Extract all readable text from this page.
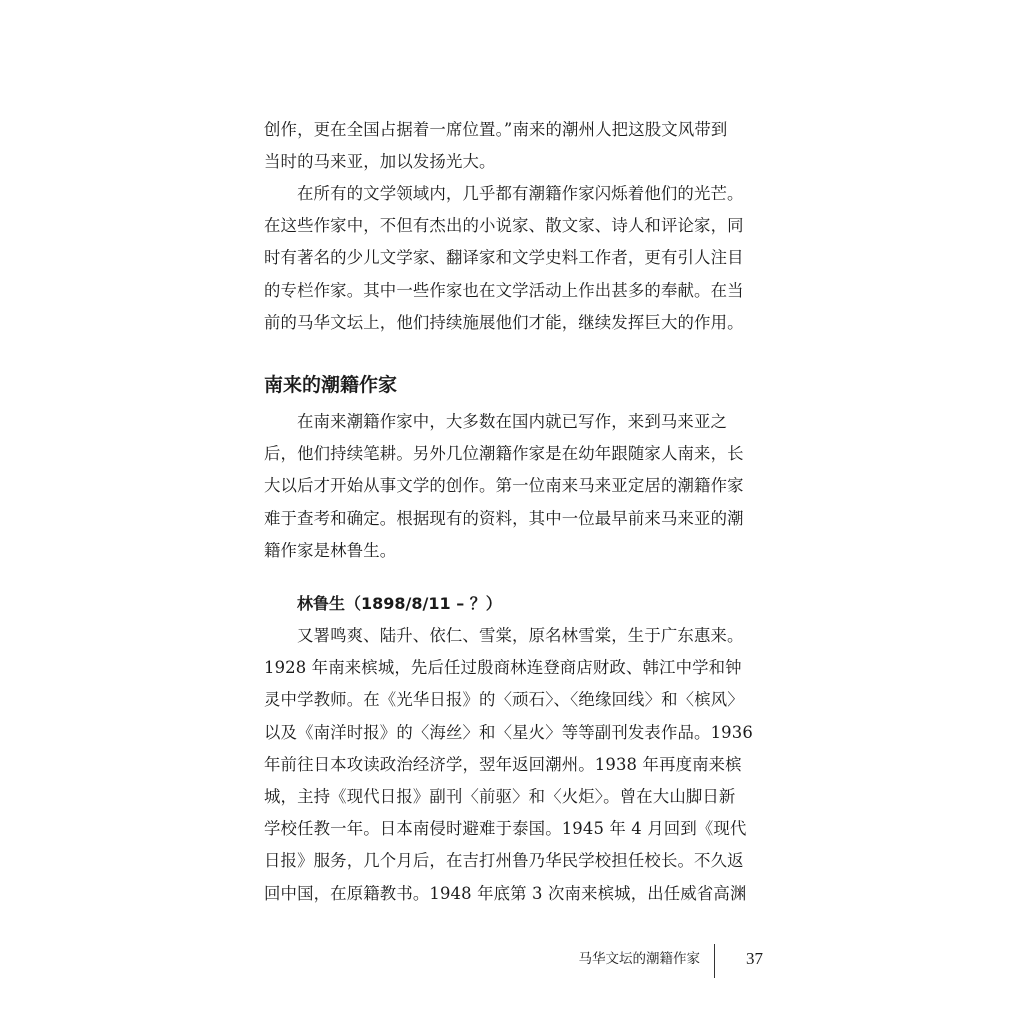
创作，更在全国占据着一席位置。”南来的潮州人把这股文风带到
当时的马来亚，加以发扬光大。
在所有的文学领域内，几乎都有潮籍作家闪烁着他们的光芒。
在这些作家中，不但有杰出的小说家、散文家、诗人和评论家，同
时有著名的少儿文学家、翻译家和文学史料工作者，更有引人注目
的专栏作家。其中一些作家也在文学活动上作出甚多的奉献。在当
前的马华文坛上，他们持续施展他们才能，继续发挥巨大的作用。
南来的潮籍作家
在南来潮籍作家中，大多数在国内就已写作，来到马来亚之
后，他们持续笔耕。另外几位潮籍作家是在幼年跟随家人南来，长
大以后才开始从事文学的创作。第一位南来马来亚定居的潮籍作家
难于查考和确定。根据现有的资料，其中一位最早前来马来亚的潮
籍作家是林鲁生。
林鲁生（1898/8/11 – ？）
又署鸣爽、陆升、依仁、雪棠，原名林雪棠，生于广东惠来。
1928 年南来槟城，先后任过殷商林连登商店财政、韩江中学和钟
灵中学教师。在《光华日报》的〈顽石〉、〈绝缘回线〉和〈槟风〉
以及《南洋时报》的〈海丝〉和〈星火〉等等副刊发表作品。1936
年前往日本攻读政治经济学，翌年返回潮州。1938 年再度南来槟
城，主持《现代日报》副刊〈前驱〉和〈火炬〉。曾在大山脚日新
学校任教一年。日本南侵时避难于泰国。1945 年 4 月回到《现代
日报》服务，几个月后，在吉打州鲁乃华民学校担任校长。不久返
回中国，在原籍教书。1948 年底第 3 次南来槟城，出任威省高渊
马华文坛的潮籍作家	37
